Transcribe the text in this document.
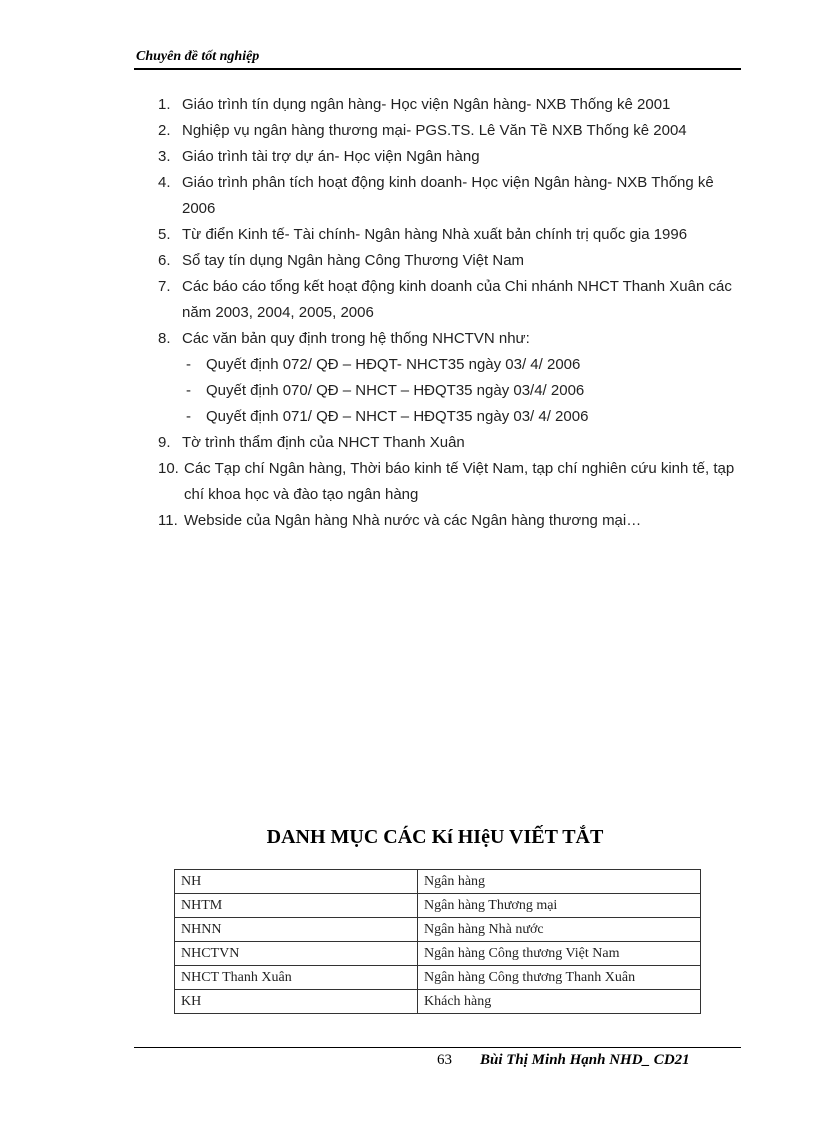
Chuyên đề tốt nghiệp
1. Giáo trình tín dụng ngân hàng- Học viện Ngân hàng- NXB Thống kê 2001
2. Nghiệp vụ ngân hàng thương mại- PGS.TS. Lê Văn Tề NXB Thống kê 2004
3. Giáo trình tài trợ dự án- Học viện Ngân hàng
4. Giáo trình phân tích hoạt động kinh doanh- Học viện Ngân hàng- NXB Thống kê 2006
5. Từ điển Kinh tế- Tài chính- Ngân hàng Nhà xuất bản chính trị quốc gia 1996
6. Sổ tay tín dụng Ngân hàng Công Thương Việt Nam
7. Các báo cáo tổng kết hoạt động kinh doanh của Chi nhánh NHCT Thanh Xuân các năm 2003, 2004, 2005, 2006
8. Các văn bản quy định trong hệ thống NHCTVN như:
-	Quyết định 072/ QĐ – HĐQT- NHCT35 ngày 03/ 4/ 2006
-	Quyết định 070/ QĐ – NHCT – HĐQT35 ngày 03/4/ 2006
-	Quyết định 071/ QĐ – NHCT – HĐQT35 ngày 03/ 4/ 2006
9. Tờ trình thẩm định của NHCT Thanh Xuân
10. Các Tạp chí Ngân hàng, Thời báo kinh tế Việt Nam, tạp chí nghiên cứu kinh tế, tạp chí khoa học và đào tạo ngân hàng
11. Webside của Ngân hàng Nhà nước và các Ngân hàng thương mại…
DANH MỤC CÁC Kí HIệU VIẾT TẮT
NH	Ngân hàng
NHTM	Ngân hàng Thương mại
NHNN	Ngân hàng Nhà nước
NHCTVN	Ngân hàng Công thương Việt Nam
NHCT Thanh Xuân	Ngân hàng Công thương Thanh Xuân
KH	Khách hàng
63 Bùi Thị Minh Hạnh NHD_ CD21
